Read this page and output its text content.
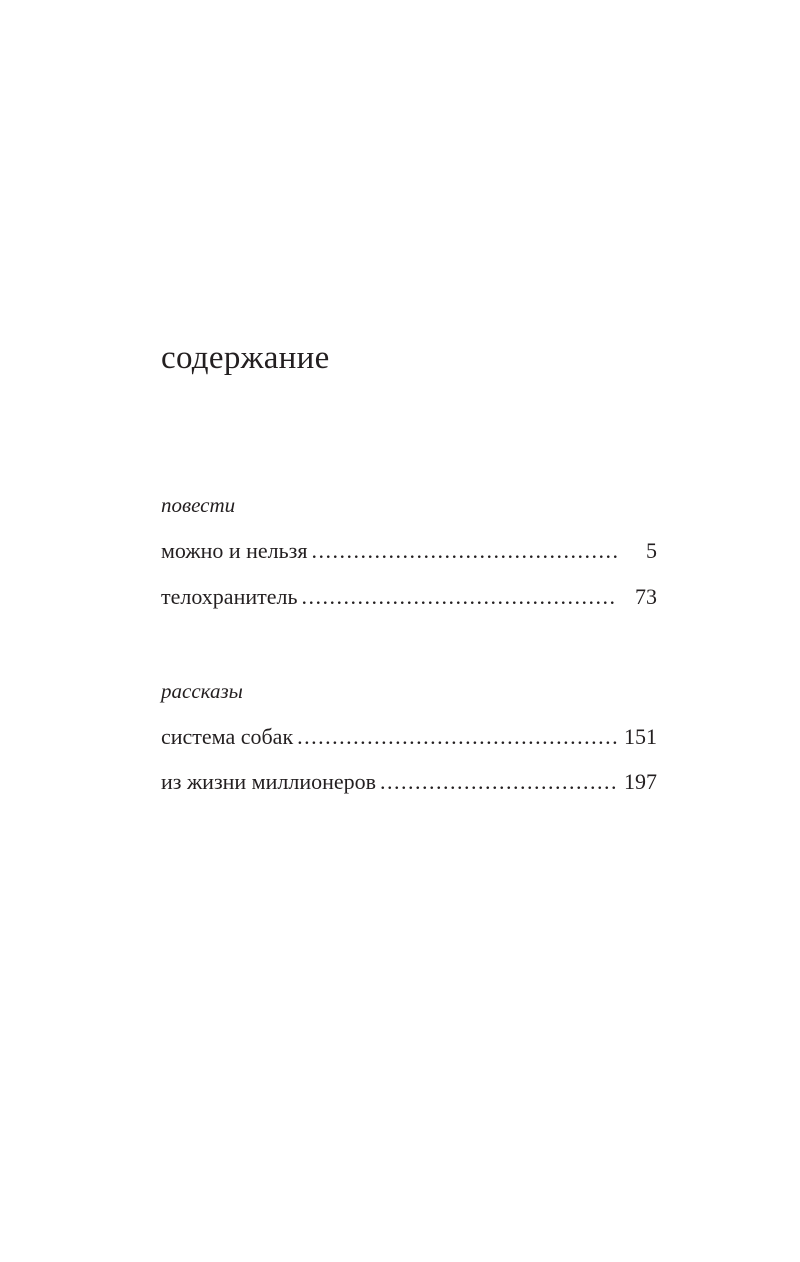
содержание
повести
можно и нельзя .....	5
телохранитель .....	73
рассказы
система собак .....	151
из жизни миллионеров .....	197
